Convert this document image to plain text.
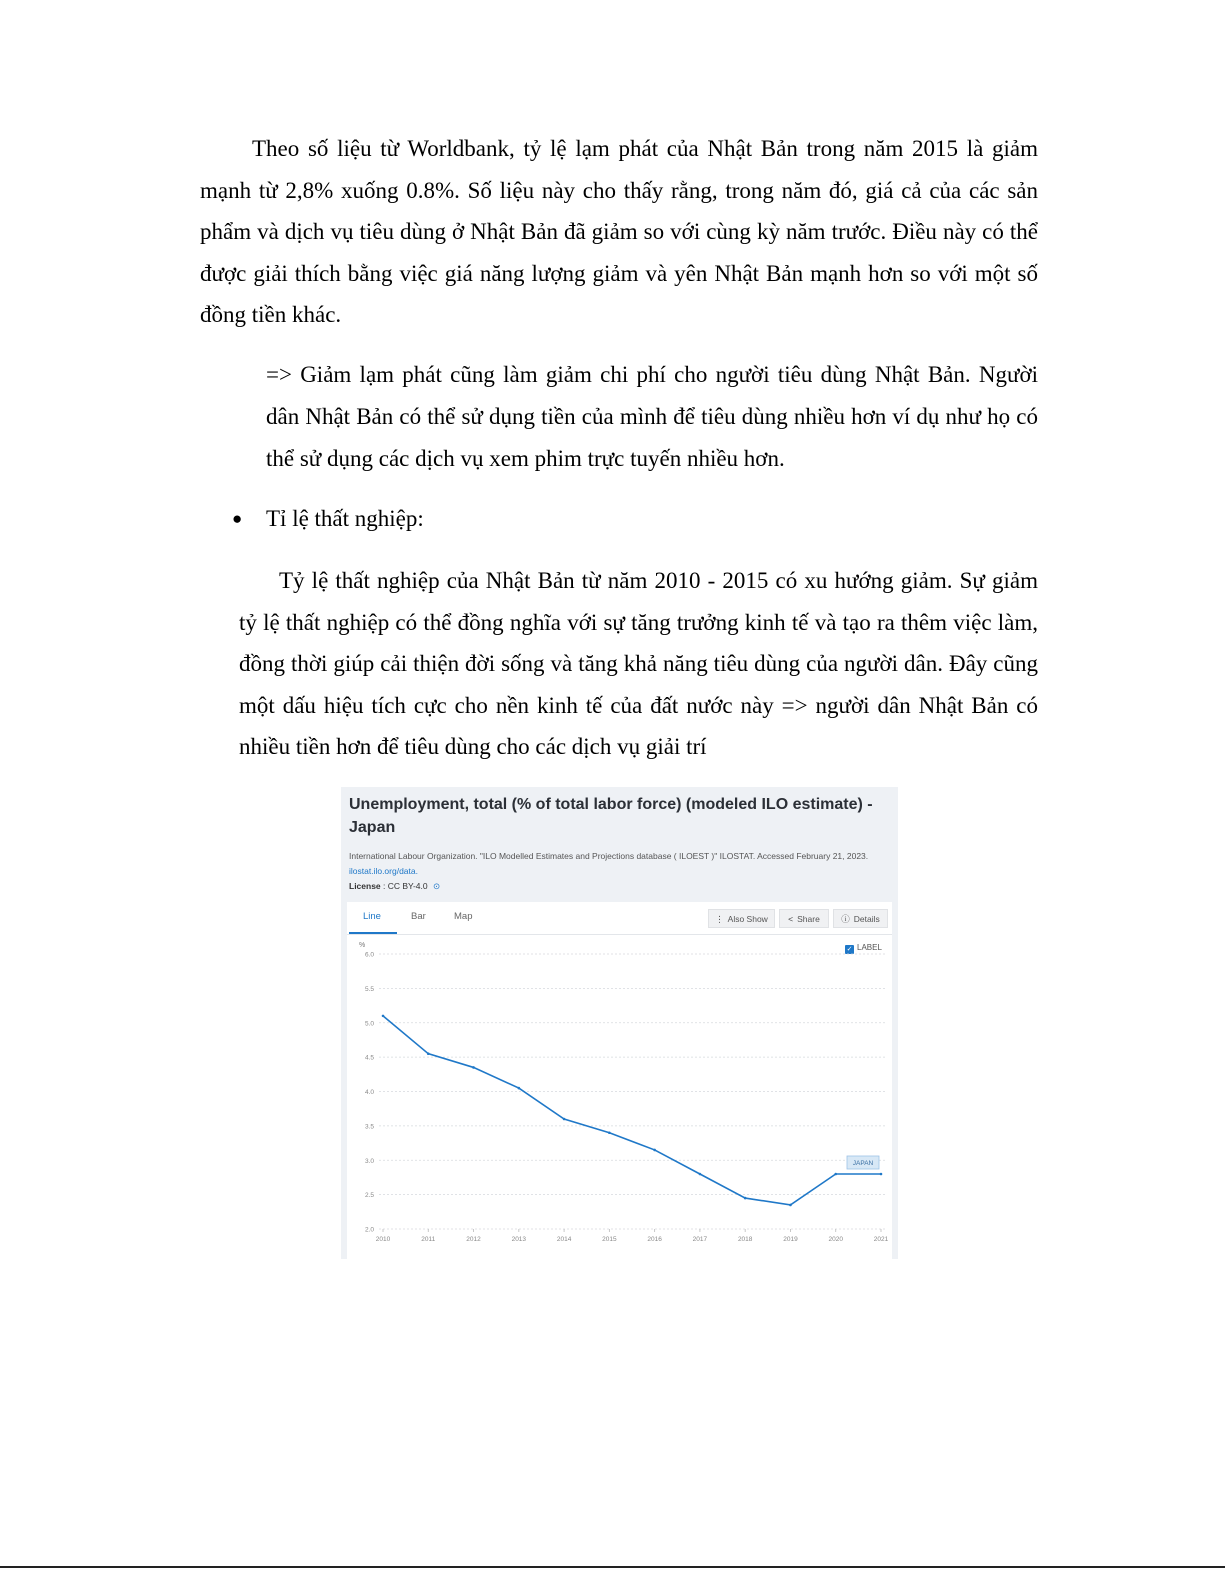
Theo số liệu từ Worldbank, tỷ lệ lạm phát của Nhật Bản trong năm 2015 là giảm mạnh từ 2,8% xuống 0.8%. Số liệu này cho thấy rằng, trong năm đó, giá cả của các sản phẩm và dịch vụ tiêu dùng ở Nhật Bản đã giảm so với cùng kỳ năm trước. Điều này có thể được giải thích bằng việc giá năng lượng giảm và yên Nhật Bản mạnh hơn so với một số đồng tiền khác.
=> Giảm lạm phát cũng làm giảm chi phí cho người tiêu dùng Nhật Bản. Người dân Nhật Bản có thể sử dụng tiền của mình để tiêu dùng nhiều hơn ví dụ như họ có thể sử dụng các dịch vụ xem phim trực tuyến nhiều hơn.
● Tỉ lệ thất nghiệp:
Tỷ lệ thất nghiệp của Nhật Bản từ năm 2010 - 2015 có xu hướng giảm. Sự giảm tỷ lệ thất nghiệp có thể đồng nghĩa với sự tăng trưởng kinh tế và tạo ra thêm việc làm, đồng thời giúp cải thiện đời sống và tăng khả năng tiêu dùng của người dân. Đây cũng một dấu hiệu tích cực cho nền kinh tế của đất nước này => người dân Nhật Bản có nhiều tiền hơn để tiêu dùng cho các dịch vụ giải trí
Unemployment, total (% of total labor force) (modeled ILO estimate) - Japan
International Labour Organization. "ILO Modelled Estimates and Projections database ( ILOEST )" ILOSTAT. Accessed February 21, 2023. ilostat.ilo.org/data.
License : CC BY-4.0 ⊙
Line	Bar	Map	⋮ Also Show	< Share	ⓘ Details
✓ LABEL
%
6.0
5.5
5.0
4.5
4.0
3.5
3.0
2.5
2.0
2010	2011	2012	2013	2014	2015	2016	2017	2018	2019	2020	2021
JAPAN
